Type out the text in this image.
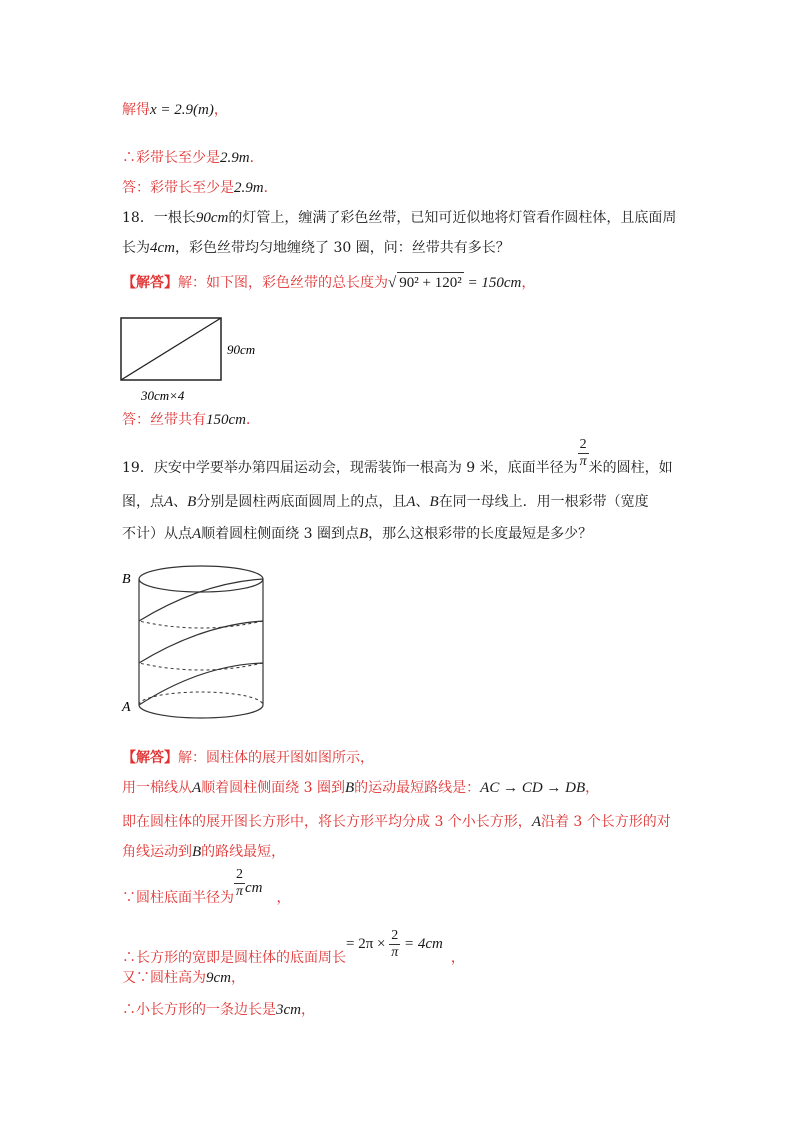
解得x = 2.9(m)，
∴彩带长至少是2.9m．
答：彩带长至少是2.9m．
18．一根长90cm的灯管上，缠满了彩色丝带，已知可近似地将灯管看作圆柱体，且底面周
长为4cm，彩色丝带均匀地缠绕了 30 圈，问：丝带共有多长？
【解答】解：如下图，彩色丝带的总长度为√ 90² + 120² = 150cm，
90cm
30cm×4
答：丝带共有150cm．
19．庆安中学要举办第四届运动会，现需装饰一根高为 9 米，底面半径为 $\frac{2}{\pi}$ 米的圆柱，如
图，点A、B分别是圆柱两底面圆周上的点，且A、B在同一母线上．用一根彩带（宽度
不计）从点A顺着圆柱侧面绕 3 圈到点B，那么这根彩带的长度最短是多少？
B
A
【解答】解：圆柱体的展开图如图所示，
用一棉线从A顺着圆柱侧面绕 3 圈到B的运动最短路线是：AC → CD → DB，
即在圆柱体的展开图长方形中，将长方形平均分成 3 个小长方形，A沿着 3 个长方形的对
角线运动到B的路线最短，
∵圆柱底面半径为 $\frac{2}{\pi}$ cm，
∴长方形的宽即是圆柱体的底面周长= $2\pi \times \frac{2}{\pi} = 4cm$，
又∵圆柱高为9cm，
∴小长方形的一条边长是3cm，
